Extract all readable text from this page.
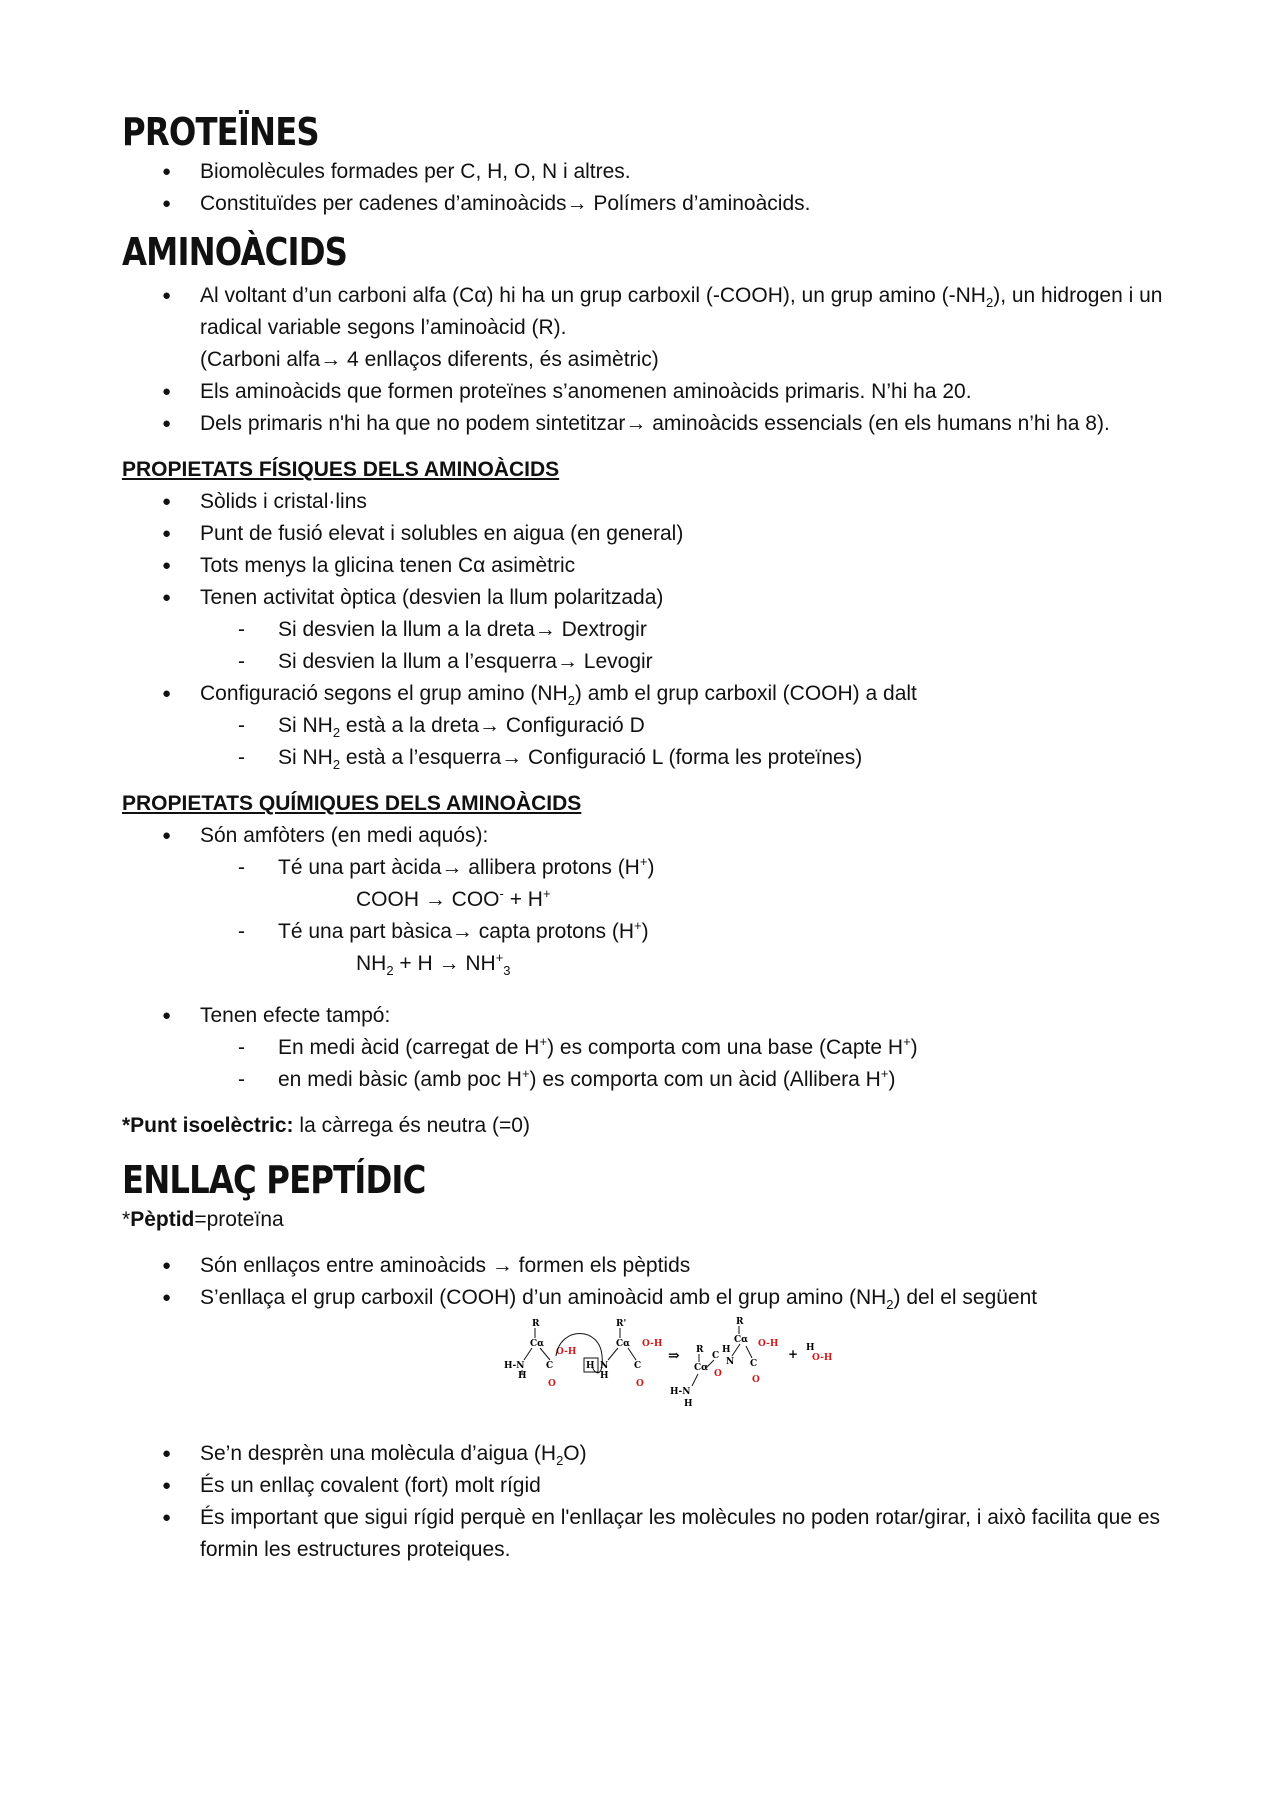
PROTEÏNES
● Biomolècules formades per C, H, O, N i altres.
● Constituïdes per cadenes d’aminoàcids→ Polímers d’aminoàcids.
AMINOÀCIDS
● Al voltant d’un carboni alfa (Cα) hi ha un grup carboxil (-COOH), un grup amino $(-NH_2)$, un hidrogen i un radical variable segons l’aminoàcid (R).
(Carboni alfa→ 4 enllaços diferents, és asimètric)
● Els aminoàcids que formen proteïnes s’anomenen aminoàcids primaris. N’hi ha 20.
● Dels primaris n'hi ha que no podem sintetitzar→ aminoàcids essencials (en els humans n’hi ha 8).
PROPIETATS FÍSIQUES DELS AMINOÀCIDS
● Sòlids i cristal·lins
● Punt de fusió elevat i solubles en aigua (en general)
● Tots menys la glicina tenen Cα asimètric
● Tenen activitat òptica (desvien la llum polaritzada)
- Si desvien la llum a la dreta→ Dextrogir
- Si desvien la llum a l’esquerra→ Levogir
● Configuració segons el grup amino $(NH_2)$ amb el grup carboxil (COOH) a dalt
- Si $NH_2$ està a la dreta→ Configuració D
- Si $NH_2$ està a l’esquerra→ Configuració L (forma les proteïnes)
PROPIETATS QUÍMIQUES DELS AMINOÀCIDS
● Són amfòters (en medi aquós):
- Té una part àcida→ allibera protons (H+)
COOH → COO- + H+
- Té una part bàsica→ capta protons (H+)
$NH_2 + H \to NH^+_3$
● Tenen efecte tampó:
- En medi àcid (carregat de H+) es comporta com una base (Capte H+)
- en medi bàsic (amb poc H+) es comporta com un àcid (Allibera H+)
*Punt isoelèctric: la càrrega és neutra (=0)
ENLLAÇ PEPTÍDIC
*Pèptid=proteïna
● Són enllaços entre aminoàcids → formen els pèptids
● S’enllaça el grup carboxil (COOH) d’un aminoàcid amb el grup amino $(NH_2)$ del el següent
R
Cα
H-N
H
C
O
O-H
H N
H
R'
Cα
C
O
O-H
⇒ R
Cα
H-N
H
C
O
H
N
R
Cα
C
O
O-H
+ H
O-H
● Se’n desprèn una molècula d’aigua $(H_2O)$
● És un enllaç covalent (fort) molt rígid
● És important que sigui rígid perquè en l'enllaçar les molècules no poden rotar/girar, i això facilita que es formin les estructures proteiques.
